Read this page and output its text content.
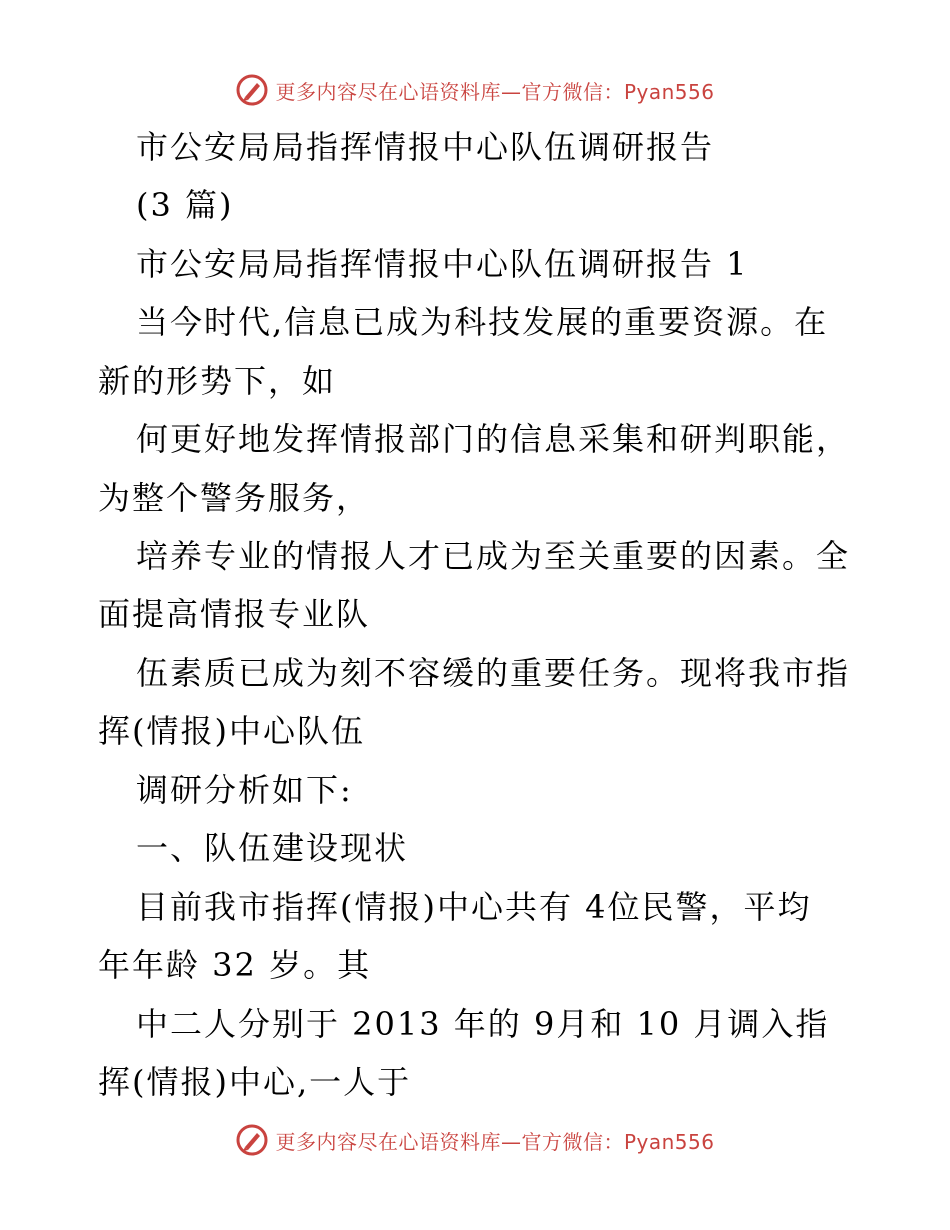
更多内容尽在心语资料库—官方微信：Pyan556
市公安局局指挥情报中心队伍调研报告
(3 篇)
市公安局局指挥情报中心队伍调研报告 1
当今时代,信息已成为科技发展的重要资源。在
新的形势下，如
何更好地发挥情报部门的信息采集和研判职能，
为整个警务服务，
培养专业的情报人才已成为至关重要的因素。全
面提高情报专业队
伍素质已成为刻不容缓的重要任务。现将我市指
挥(情报)中心队伍
调研分析如下:
一、队伍建设现状
目前我市指挥(情报)中心共有 4位民警，平均
年年龄 32 岁。其
中二人分别于 2013 年的 9月和 10 月调入指
挥(情报)中心,一人于
更多内容尽在心语资料库—官方微信：Pyan556
